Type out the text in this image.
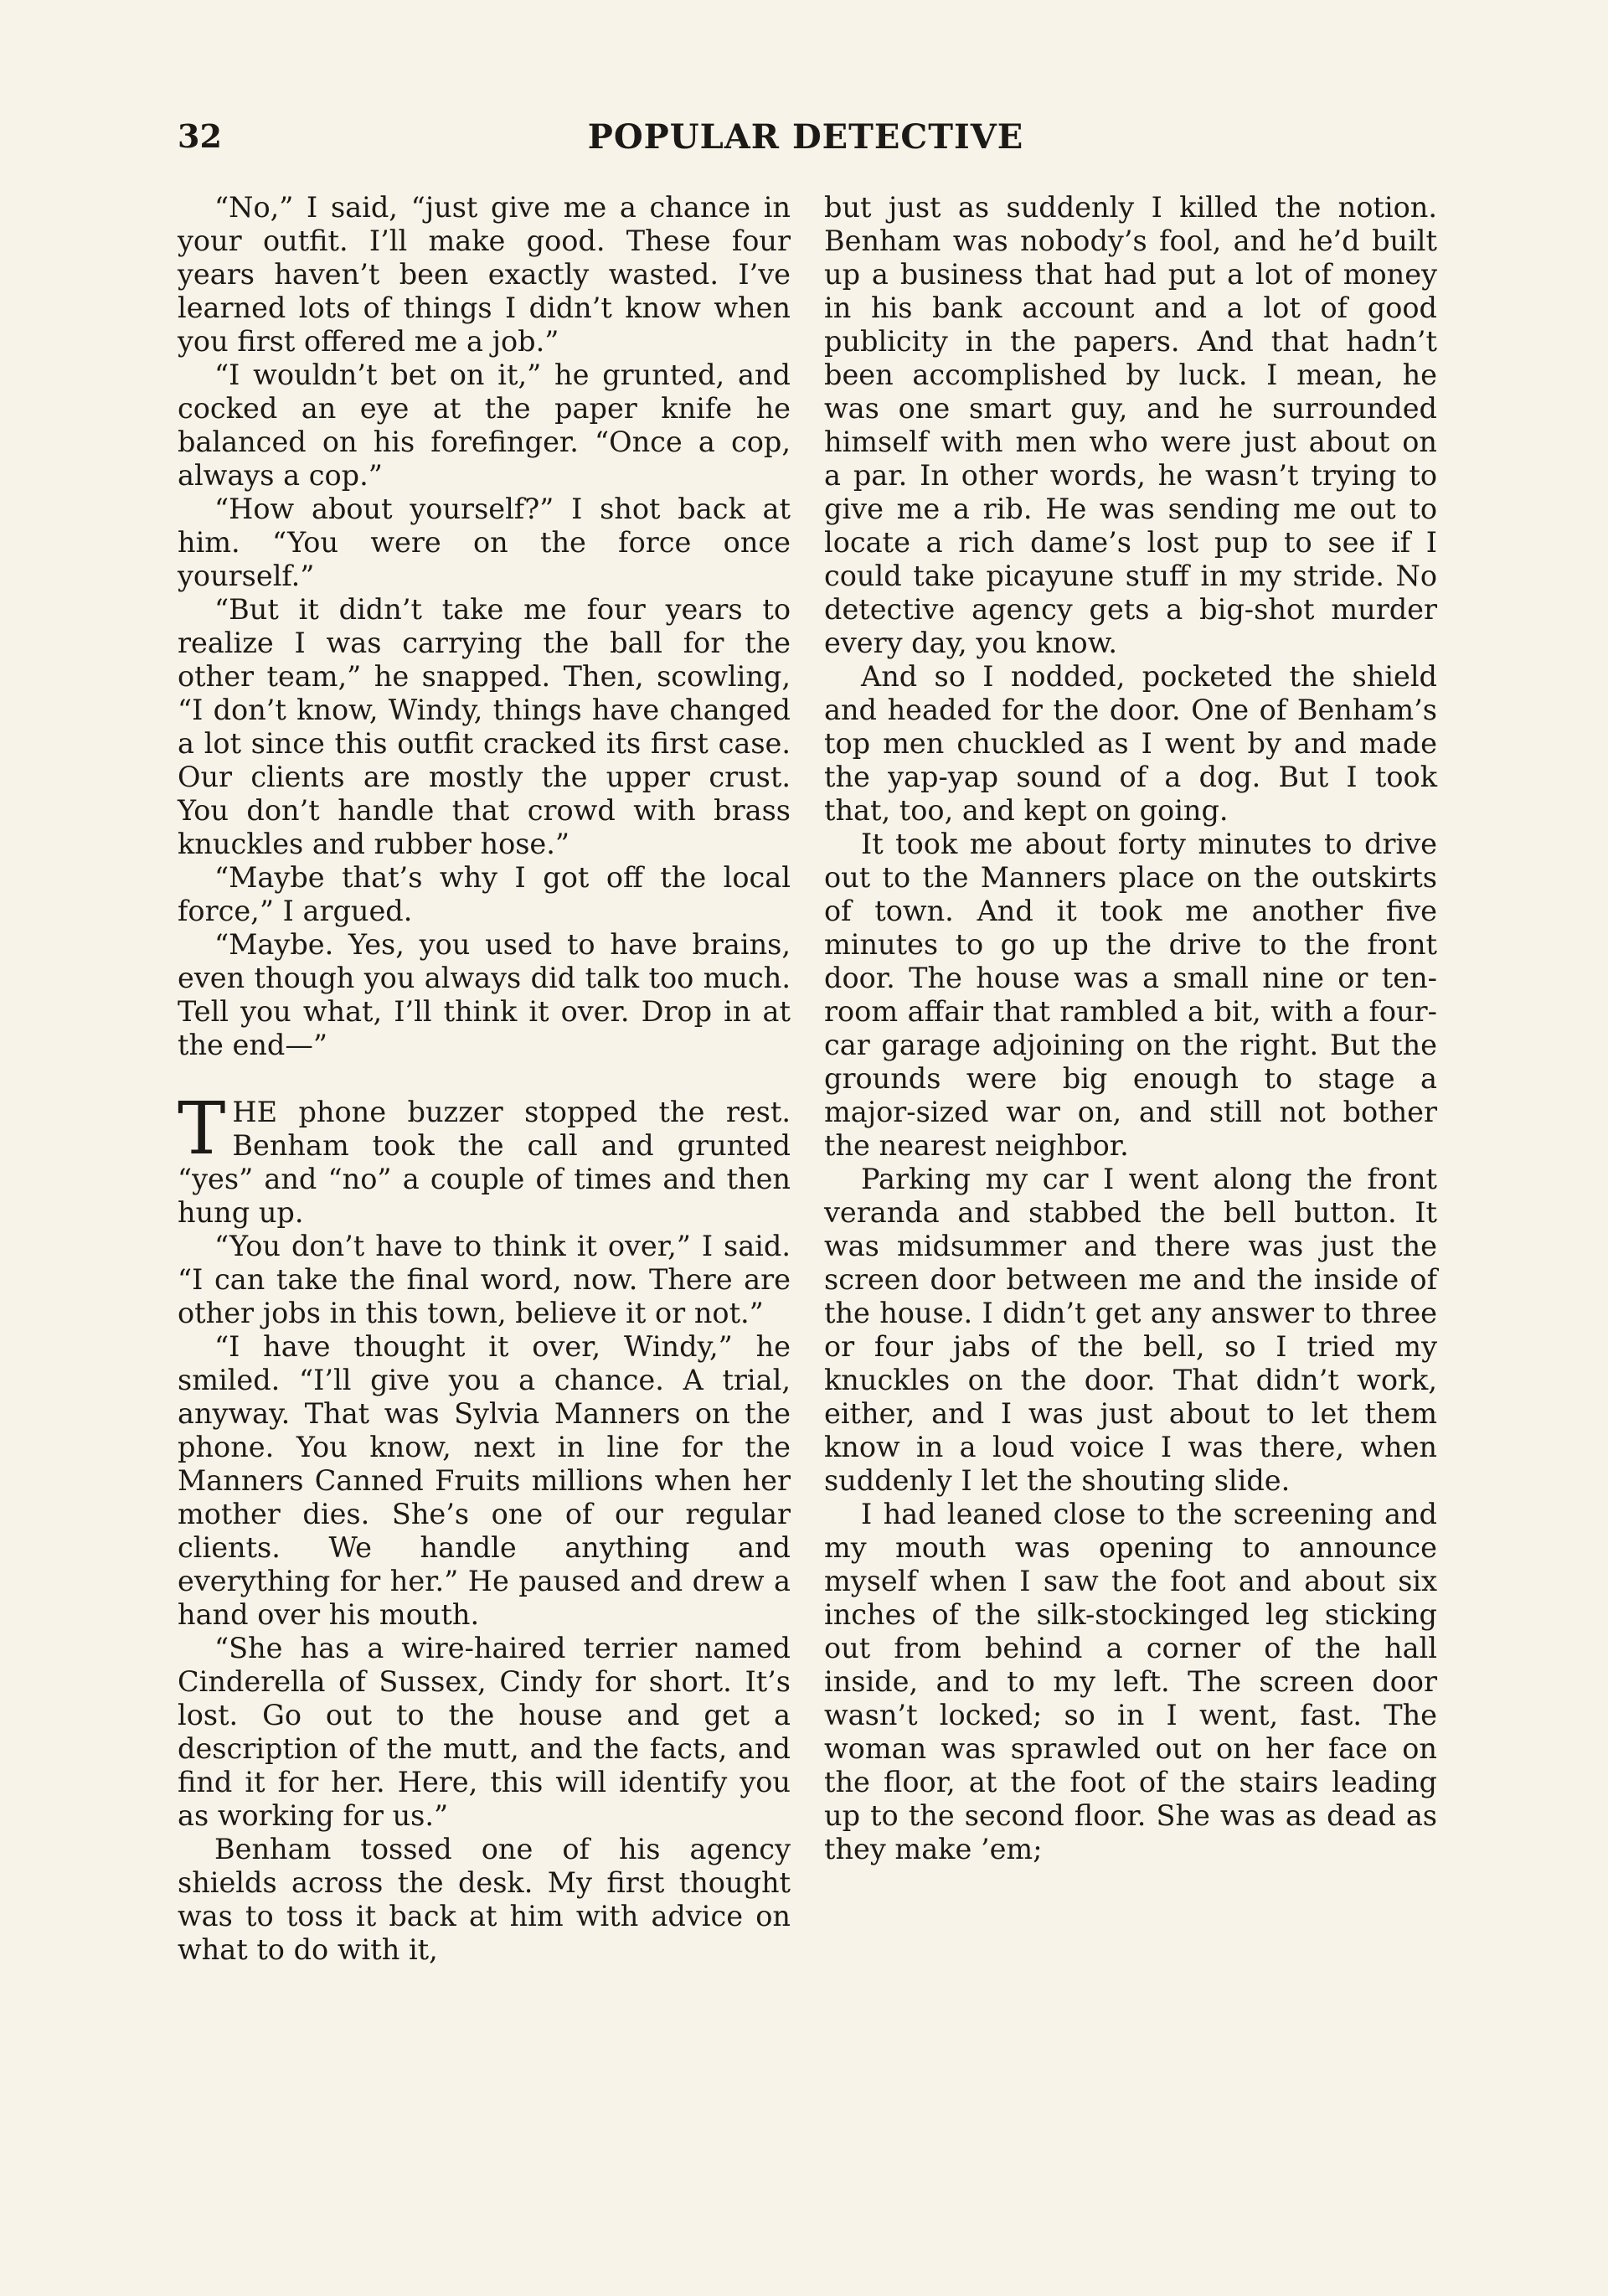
32	POPULAR DETECTIVE

“No,” I said, “just give me a chance in your outfit. I’ll make good. These four years haven’t been exactly wasted. I’ve learned lots of things I didn’t know when you first offered me a job.”

“I wouldn’t bet on it,” he grunted, and cocked an eye at the paper knife he balanced on his forefinger. “Once a cop, always a cop.”

“How about yourself?” I shot back at him. “You were on the force once yourself.”

“But it didn’t take me four years to realize I was carrying the ball for the other team,” he snapped. Then, scowling, “I don’t know, Windy, things have changed a lot since this outfit cracked its first case. Our clients are mostly the upper crust. You don’t handle that crowd with brass knuckles and rubber hose.”

“Maybe that’s why I got off the local force,” I argued.

“Maybe. Yes, you used to have brains, even though you always did talk too much. Tell you what, I’ll think it over. Drop in at the end—”

THE phone buzzer stopped the rest. Benham took the call and grunted “yes” and “no” a couple of times and then hung up.

“You don’t have to think it over,” I said. “I can take the final word, now. There are other jobs in this town, believe it or not.”

“I have thought it over, Windy,” he smiled. “I’ll give you a chance. A trial, anyway. That was Sylvia Manners on the phone. You know, next in line for the Manners Canned Fruits millions when her mother dies. She’s one of our regular clients. We handle anything and everything for her.” He paused and drew a hand over his mouth.

“She has a wire-haired terrier named Cinderella of Sussex, Cindy for short. It’s lost. Go out to the house and get a description of the mutt, and the facts, and find it for her. Here, this will identify you as working for us.”

Benham tossed one of his agency shields across the desk. My first thought was to toss it back at him with advice on what to do with it,

but just as suddenly I killed the notion. Benham was nobody’s fool, and he’d built up a business that had put a lot of money in his bank account and a lot of good publicity in the papers. And that hadn’t been accomplished by luck. I mean, he was one smart guy, and he surrounded himself with men who were just about on a par. In other words, he wasn’t trying to give me a rib. He was sending me out to locate a rich dame’s lost pup to see if I could take picayune stuff in my stride. No detective agency gets a big-shot murder every day, you know.

And so I nodded, pocketed the shield and headed for the door. One of Benham’s top men chuckled as I went by and made the yap-yap sound of a dog. But I took that, too, and kept on going.

It took me about forty minutes to drive out to the Manners place on the outskirts of town. And it took me another five minutes to go up the drive to the front door. The house was a small nine or ten-room affair that rambled a bit, with a four-car garage adjoining on the right. But the grounds were big enough to stage a major-sized war on, and still not bother the nearest neighbor.

Parking my car I went along the front veranda and stabbed the bell button. It was midsummer and there was just the screen door between me and the inside of the house. I didn’t get any answer to three or four jabs of the bell, so I tried my knuckles on the door. That didn’t work, either, and I was just about to let them know in a loud voice I was there, when suddenly I let the shouting slide.

I had leaned close to the screening and my mouth was opening to announce myself when I saw the foot and about six inches of the silk-stockinged leg sticking out from behind a corner of the hall inside, and to my left. The screen door wasn’t locked; so in I went, fast. The woman was sprawled out on her face on the floor, at the foot of the stairs leading up to the second floor. She was as dead as they make ’em;
